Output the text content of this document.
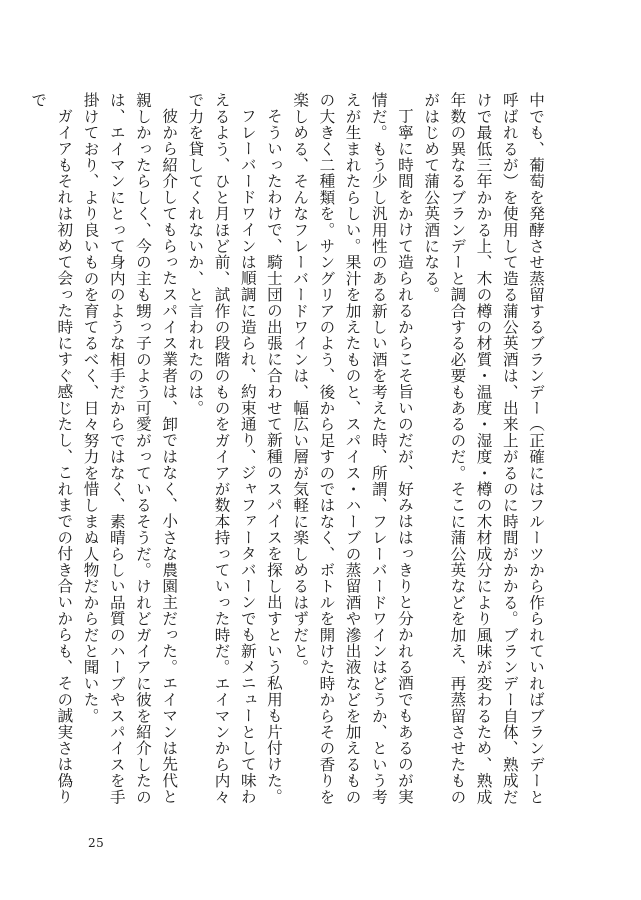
中でも、葡萄を発酵させ蒸留するブランデー（正確にはフルーツから作られていればブランデーと呼ばれるが）を使用して造る蒲公英酒は、出来上がるのに時間がかかる。ブランデー自体、熟成だけで最低三年かかる上、木の樽の材質・温度・湿度・樽の木材成分により風味が変わるため、熟成年数の異なるブランデーと調合する必要もあるのだ。そこに蒲公英などを加え、再蒸留させたものがはじめて蒲公英酒になる。

丁寧に時間をかけて造られるからこそ旨いのだが、好みははっきりと分かれる酒でもあるのが実情だ。もう少し汎用性のある新しい酒を考えた時、所謂、フレーバードワインはどうか、という考えが生まれたらしい。果汁を加えたものと、スパイス・ハーブの蒸留酒や滲出液などを加えるものの大きく二種類を。サングリアのよう、後から足すのではなく、ボトルを開けた時からその香りを楽しめる、そんなフレーバードワインは、幅広い層が気軽に楽しめるはずだと。

そういったわけで、騎士団の出張に合わせて新種のスパイスを探し出すという私用も片付けた。

フレーバードワインは順調に造られ、約束通り、ジャファータバーンでも新メニューとして味わえるよう、ひと月ほど前、試作の段階のものをガイアが数本持っていった時だ。エイマンから内々で力を貸してくれないか、と言われたのは。

彼から紹介してもらったスパイス業者は、卸ではなく、小さな農園主だった。エイマンは先代と親しかったらしく、今の主も甥っ子のよう可愛がっているそうだ。けれどガイアに彼を紹介したのは、エイマンにとって身内のような相手だからではなく、素晴らしい品質のハーブやスパイスを手掛けており、より良いものを育てるべく、日々努力を惜しまぬ人物だからだと聞いた。

ガイアもそれは初めて会った時にすぐ感じたし、これまでの付き合いからも、その誠実さは偽りで

25
